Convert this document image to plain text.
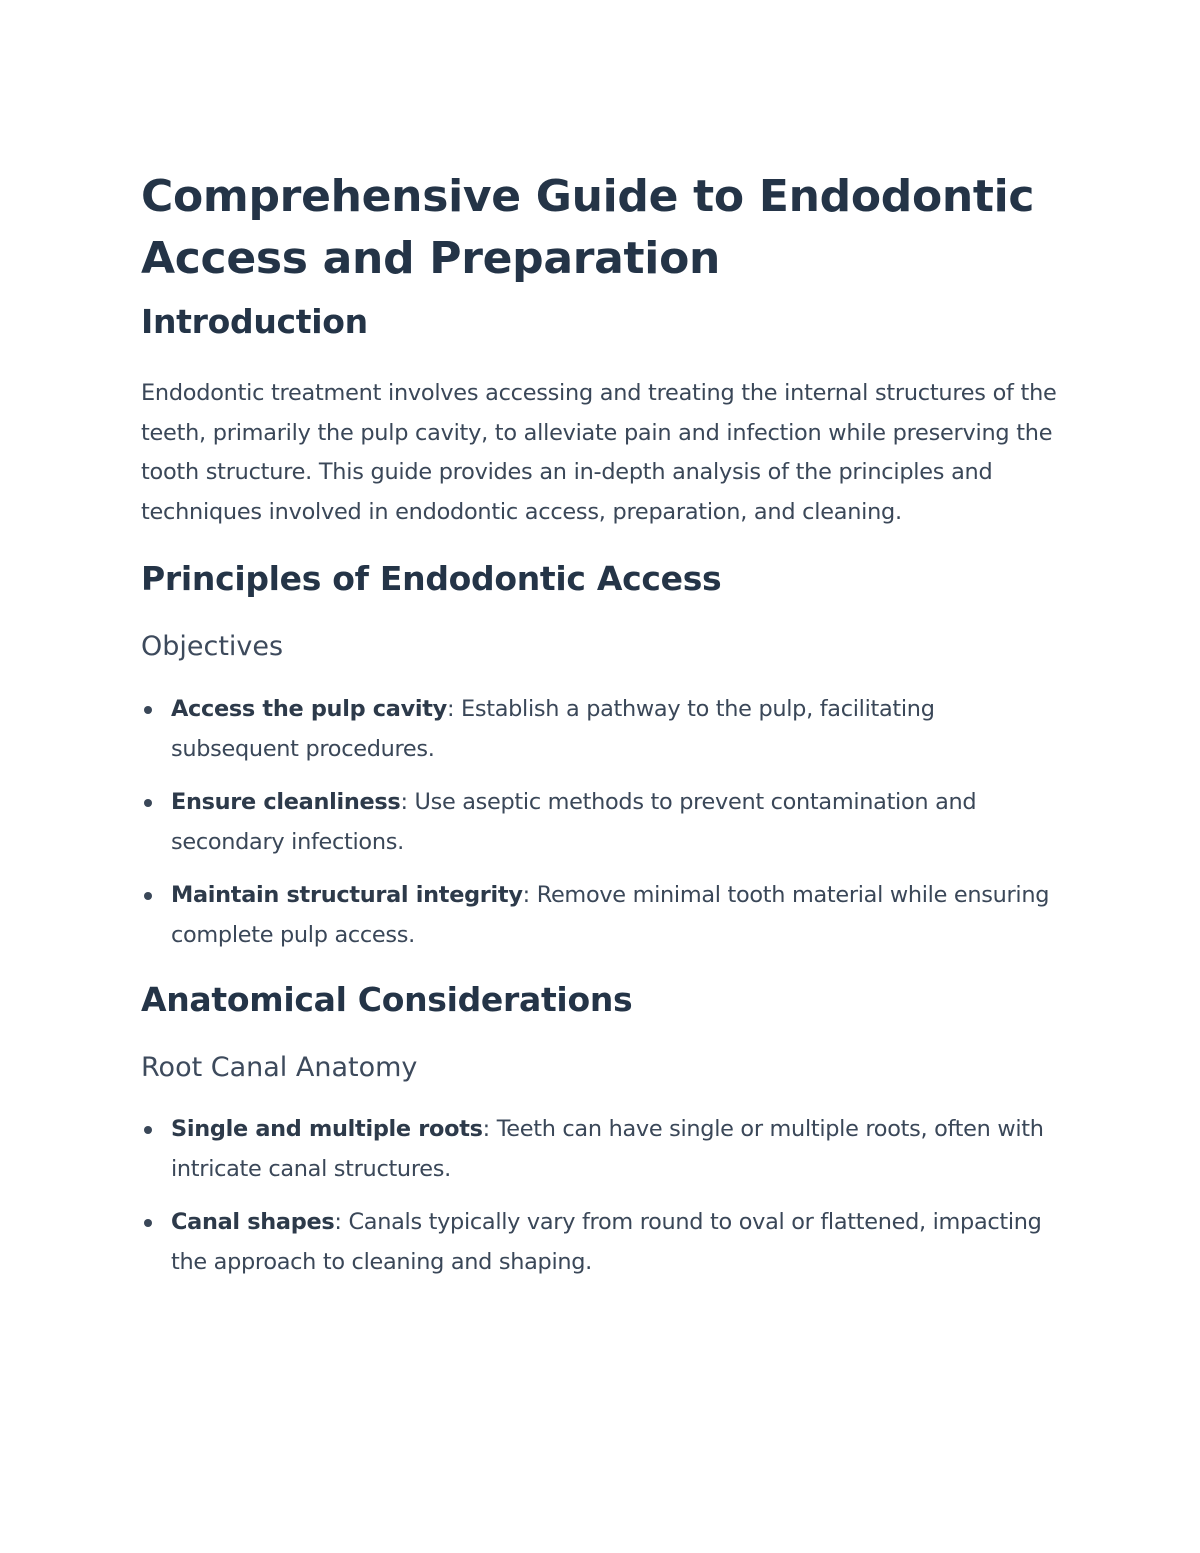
Comprehensive Guide to Endodontic Access and Preparation
Introduction

Endodontic treatment involves accessing and treating the internal structures of the teeth, primarily the pulp cavity, to alleviate pain and infection while preserving the tooth structure. This guide provides an in-depth analysis of the principles and techniques involved in endodontic access, preparation, and cleaning.

Principles of Endodontic Access
Objectives
Access the pulp cavity: Establish a pathway to the pulp, facilitating subsequent procedures.
Ensure cleanliness: Use aseptic methods to prevent contamination and secondary infections.
Maintain structural integrity: Remove minimal tooth material while ensuring complete pulp access.
Anatomical Considerations
Root Canal Anatomy
Single and multiple roots: Teeth can have single or multiple roots, often with intricate canal structures.
Canal shapes: Canals typically vary from round to oval or flattened, impacting the approach to cleaning and shaping.
